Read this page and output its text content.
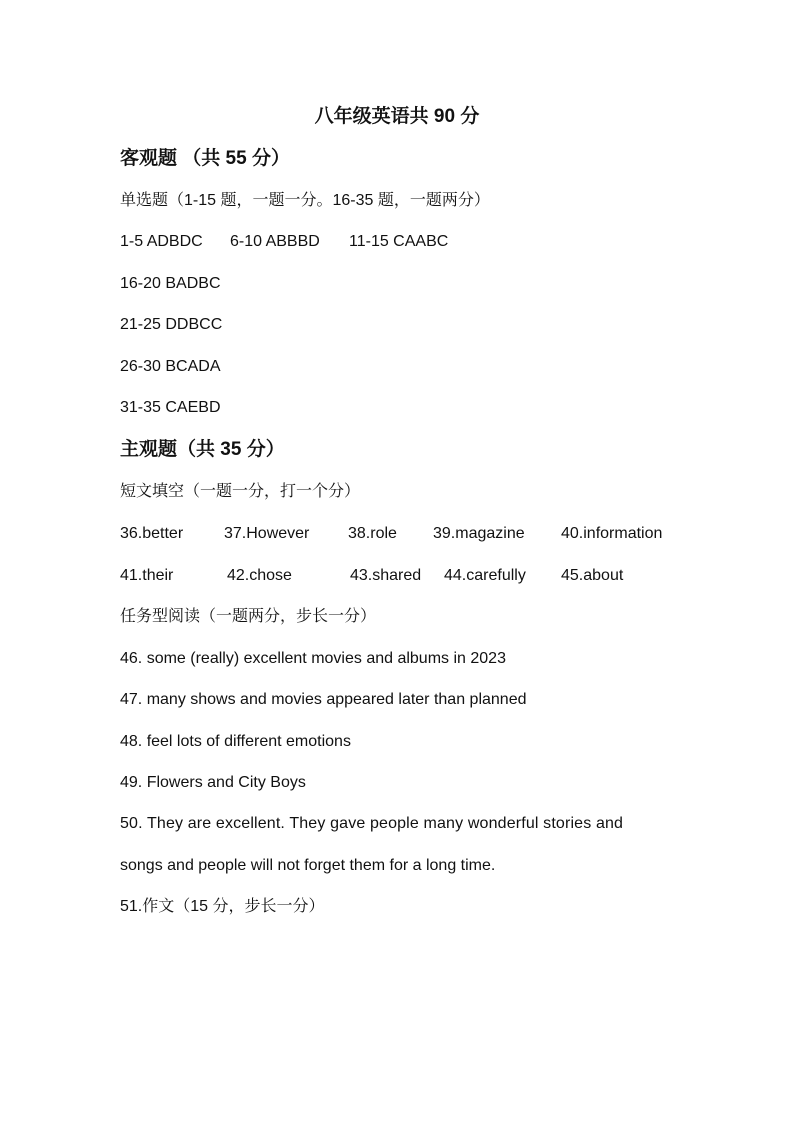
八年级英语共 90 分
客观题 （共 55 分）
单选题（1-15 题，一题一分。16-35 题，一题两分）
1-5 ADBDC	6-10 ABBBD	11-15 CAABC
16-20 BADBC
21-25 DDBCC
26-30 BCADA
31-35 CAEBD
主观题（共 35 分）
短文填空（一题一分，打一个分）
36.better	37.However	38.role	39.magazine	40.information
41.their	42.chose	43.shared	44.carefully	45.about
任务型阅读（一题两分，步长一分）
46. some (really) excellent movies and albums in 2023
47. many shows and movies appeared later than planned
48. feel lots of different emotions
49. Flowers and City Boys
50. They are excellent. They gave people many wonderful stories and
songs and people will not forget them for a long time.
51.作文（15 分，步长一分）
